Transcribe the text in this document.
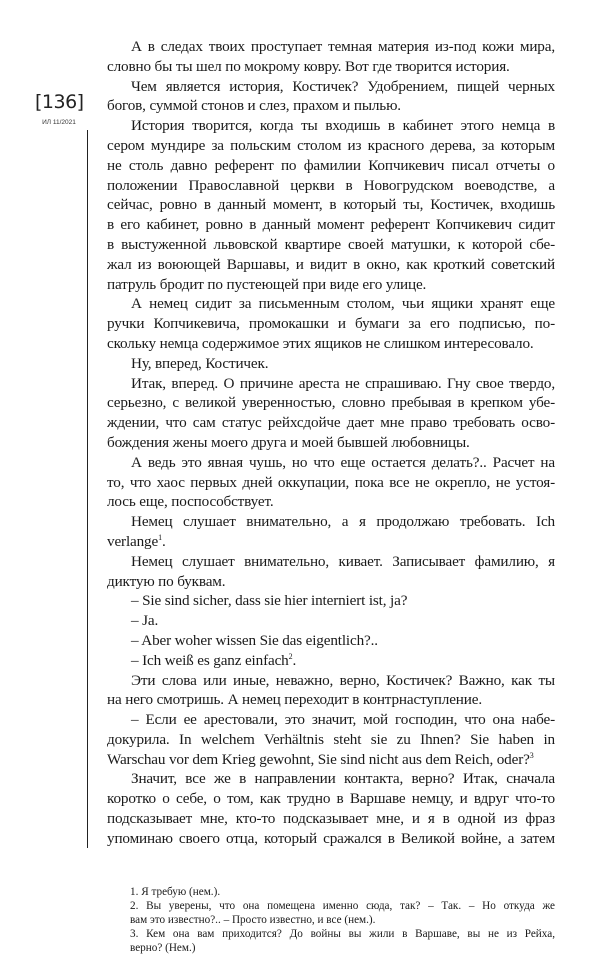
[136]
ИЛ 11/2021
А в следах твоих проступает темная материя из-под кожи мира,
словно бы ты шел по мокрому ковру. Вот где творится история.
Чем является история, Костичек? Удобрением, пищей черных
богов, суммой стонов и слез, прахом и пылью.
История творится, когда ты входишь в кабинет этого немца в
сером мундире за польским столом из красного дерева, за которым
не столь давно референт по фамилии Копчикевич писал отчеты о
положении Православной церкви в Новогрудском воеводстве, а
сейчас, ровно в данный момент, в который ты, Костичек, входишь
в его кабинет, ровно в данный момент референт Копчикевич сидит
в выстуженной львовской квартире своей матушки, к которой сбе-
жал из воюющей Варшавы, и видит в окно, как кроткий советский
патруль бродит по пустеющей при виде его улице.
А немец сидит за письменным столом, чьи ящики хранят еще
ручки Копчикевича, промокашки и бумаги за его подписью, по-
скольку немца содержимое этих ящиков не слишком интересовало.
Ну, вперед, Костичек.
Итак, вперед. О причине ареста не спрашиваю. Гну свое твердо,
серьезно, с великой уверенностью, словно пребывая в крепком убе-
ждении, что сам статус рейхсдойче дает мне право требовать осво-
бождения жены моего друга и моей бывшей любовницы.
А ведь это явная чушь, но что еще остается делать?.. Расчет на
то, что хаос первых дней оккупации, пока все не окрепло, не устоя-
лось еще, поспособствует.
Немец слушает внимательно, а я продолжаю требовать. Ich
verlange$^1$.
Немец слушает внимательно, кивает. Записывает фамилию, я
диктую по буквам.
– Sie sind sicher, dass sie hier interniert ist, ja?
– Ja.
– Aber woher wissen Sie das eigentlich?..
– Ich weiß es ganz einfach$^2$.
Эти слова или иные, неважно, верно, Костичек? Важно, как ты
на него смотришь. А немец переходит в контрнаступление.
– Если ее арестовали, это значит, мой господин, что она набе-
докурила. In welchem Verhältnis steht sie zu Ihnen? Sie haben in
Warschau vor dem Krieg gewohnt, Sie sind nicht aus dem Reich, oder?$^3$
Значит, все же в направлении контакта, верно? Итак, сначала
коротко о себе, о том, как трудно в Варшаве немцу, и вдруг что-то
подсказывает мне, кто-то подсказывает мне, и я в одной из фраз
упоминаю своего отца, который сражался в Великой войне, а затем
1. Я требую (нем.).
2. Вы уверены, что она помещена именно сюда, так? – Так. – Но откуда же
вам это известно?.. – Просто известно, и все (нем.).
3. Кем она вам приходится? До войны вы жили в Варшаве, вы не из Рейха,
верно? (Нем.)
